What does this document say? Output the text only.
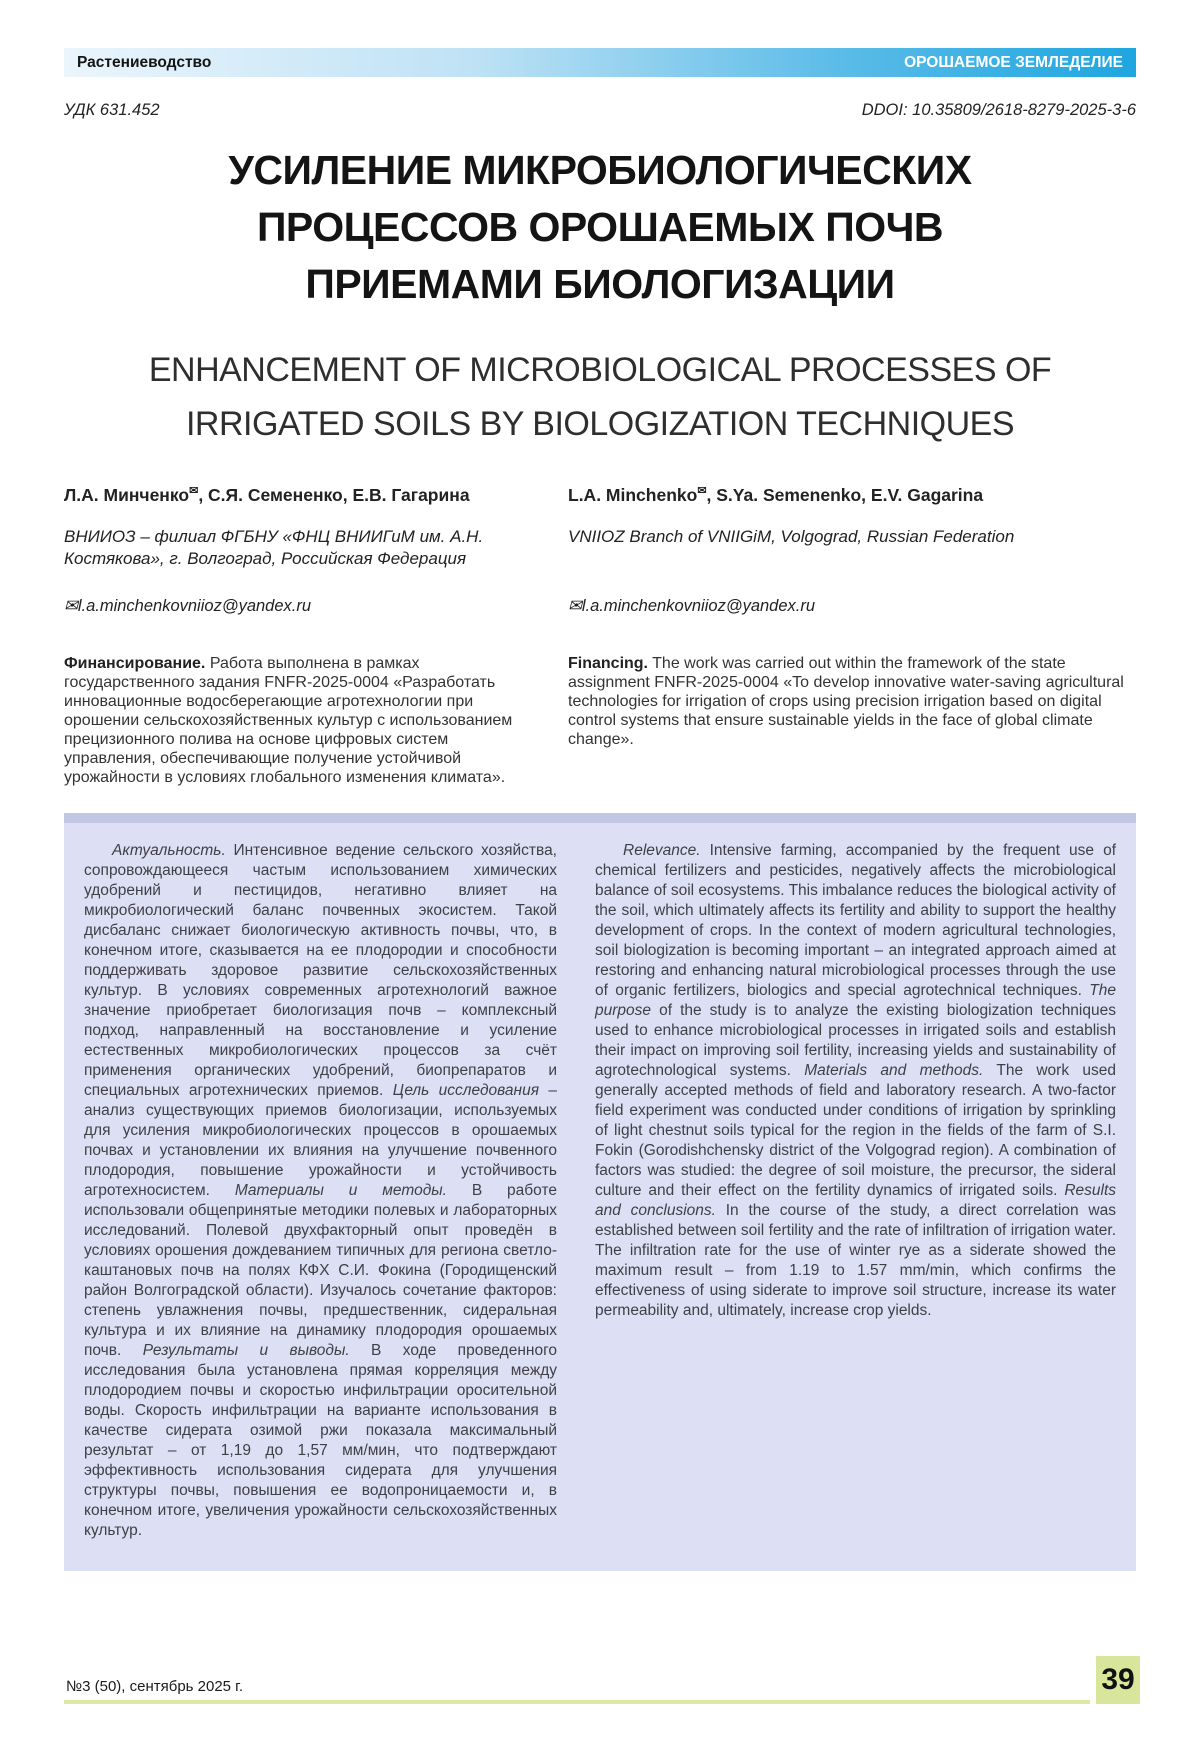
Растениеводство	ОРОШАЕМОЕ ЗЕМЛЕДЕЛИЕ
УДК 631.452	DDOI: 10.35809/2618-8279-2025-3-6
УСИЛЕНИЕ МИКРОБИОЛОГИЧЕСКИХ
ПРОЦЕССОВ ОРОШАЕМЫХ ПОЧВ
ПРИЕМАМИ БИОЛОГИЗАЦИИ
ENHANCEMENT OF MICROBIOLOGICAL PROCESSES OF
IRRIGATED SOILS BY BIOLOGIZATION TECHNIQUES
Л.А. Минченко✉, С.Я. Семененко, Е.В. Гагарина	L.A. Minchenko✉, S.Ya. Semenenko, E.V. Gagarina
ВНИИОЗ – филиал ФГБНУ «ФНЦ ВНИИГиМ им. А.Н. Костякова», г. Волгоград, Российская Федерация
VNIIOZ Branch of VNIIGiM, Volgograd, Russian Federation
✉l.a.minchenkovniioz@yandex.ru	✉l.a.minchenkovniioz@yandex.ru
Финансирование. Работа выполнена в рамках государственного задания FNFR-2025-0004 «Разработать инновационные водосберегающие агротехнологии при орошении сельскохозяйственных культур с использованием прецизионного полива на основе цифровых систем управления, обеспечивающие получение устойчивой урожайности в условиях глобального изменения климата».
Financing. The work was carried out within the framework of the state assignment FNFR-2025-0004 «To develop innovative water-saving agricultural technologies for irrigation of crops using precision irrigation based on digital control systems that ensure sustainable yields in the face of global climate change».
Актуальность. Интенсивное ведение сельского хозяйства, сопровождающееся частым использованием химических удобрений и пестицидов, негативно влияет на микробиологический баланс почвенных экосистем. Такой дисбаланс снижает биологическую активность почвы, что, в конечном итоге, сказывается на ее плодородии и способности поддерживать здоровое развитие сельскохозяйственных культур. В условиях современных агротехнологий важное значение приобретает биологизация почв – комплексный подход, направленный на восстановление и усиление естественных микробиологических процессов за счёт применения органических удобрений, биопрепаратов и специальных агротехнических приемов. Цель исследования – анализ существующих приемов биологизации, используемых для усиления микробиологических процессов в орошаемых почвах и установлении их влияния на улучшение почвенного плодородия, повышение урожайности и устойчивость агротехносистем. Материалы и методы. В работе использовали общепринятые методики полевых и лабораторных исследований. Полевой двухфакторный опыт проведён в условиях орошения дождеванием типичных для региона светло-каштановых почв на полях КФХ С.И. Фокина (Городищенский район Волгоградской области). Изучалось сочетание факторов: степень увлажнения почвы, предшественник, сидеральная культура и их влияние на динамику плодородия орошаемых почв. Результаты и выводы. В ходе проведенного исследования была установлена прямая корреляция между плодородием почвы и скоростью инфильтрации оросительной воды. Скорость инфильтрации на варианте использования в качестве сидерата озимой ржи показала максимальный результат – от 1,19 до 1,57 мм/мин, что подтверждают эффективность использования сидерата для улучшения структуры почвы, повышения ее водопроницаемости и, в конечном итоге, увеличения урожайности сельскохозяйственных культур.
Relevance. Intensive farming, accompanied by the frequent use of chemical fertilizers and pesticides, negatively affects the microbiological balance of soil ecosystems. This imbalance reduces the biological activity of the soil, which ultimately affects its fertility and ability to support the healthy development of crops. In the context of modern agricultural technologies, soil biologization is becoming important – an integrated approach aimed at restoring and enhancing natural microbiological processes through the use of organic fertilizers, biologics and special agrotechnical techniques. The purpose of the study is to analyze the existing biologization techniques used to enhance microbiological processes in irrigated soils and establish their impact on improving soil fertility, increasing yields and sustainability of agrotechnological systems. Materials and methods. The work used generally accepted methods of field and laboratory research. A two-factor field experiment was conducted under conditions of irrigation by sprinkling of light chestnut soils typical for the region in the fields of the farm of S.I. Fokin (Gorodishchensky district of the Volgograd region). A combination of factors was studied: the degree of soil moisture, the precursor, the sideral culture and their effect on the fertility dynamics of irrigated soils. Results and conclusions. In the course of the study, a direct correlation was established between soil fertility and the rate of infiltration of irrigation water. The infiltration rate for the use of winter rye as a siderate showed the maximum result – from 1.19 to 1.57 mm/min, which confirms the effectiveness of using siderate to improve soil structure, increase its water permeability and, ultimately, increase crop yields.
№3 (50), сентябрь 2025 г.	39
